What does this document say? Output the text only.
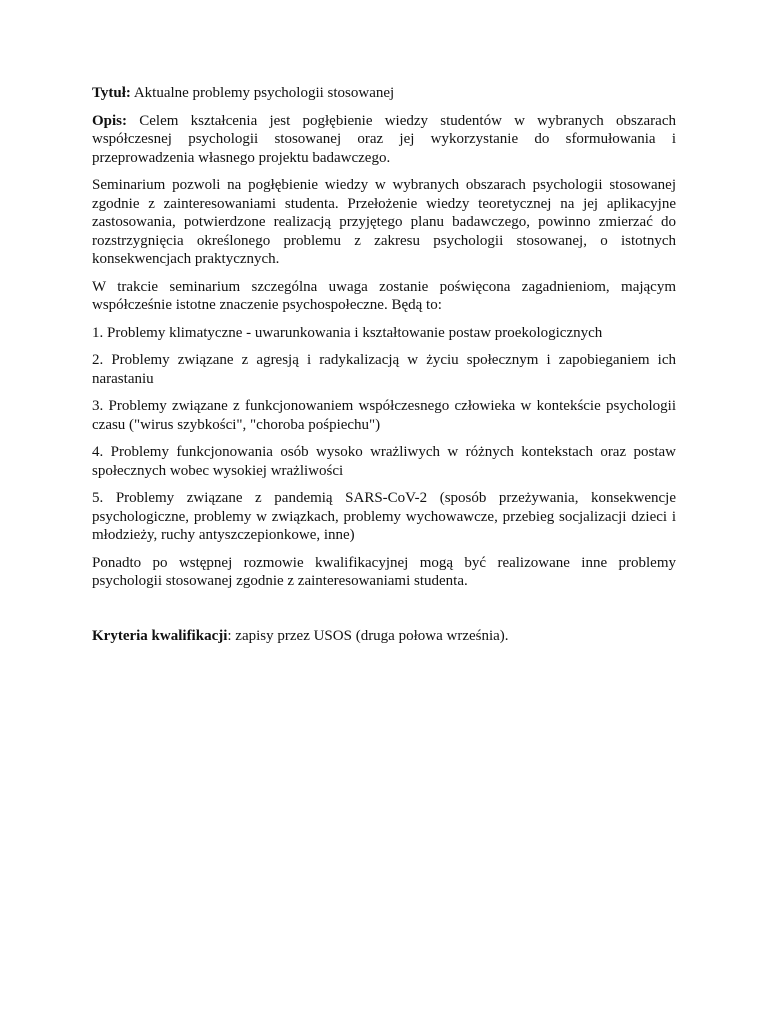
Tytuł: Aktualne problemy psychologii stosowanej

Opis: Celem kształcenia jest pogłębienie wiedzy studentów w wybranych obszarach współczesnej psychologii stosowanej oraz jej wykorzystanie do sformułowania i przeprowadzenia własnego projektu badawczego.

Seminarium pozwoli na pogłębienie wiedzy w wybranych obszarach psychologii stosowanej zgodnie z zainteresowaniami studenta. Przełożenie wiedzy teoretycznej na jej aplikacyjne zastosowania, potwierdzone realizacją przyjętego planu badawczego, powinno zmierzać do rozstrzygnięcia określonego problemu z zakresu psychologii stosowanej, o istotnych konsekwencjach praktycznych.

W trakcie seminarium szczególna uwaga zostanie poświęcona zagadnieniom, mającym współcześnie istotne znaczenie psychospołeczne. Będą to:

1. Problemy klimatyczne - uwarunkowania i kształtowanie postaw proekologicznych

2. Problemy związane z agresją i radykalizacją w życiu społecznym i zapobieganiem ich narastaniu

3. Problemy związane z funkcjonowaniem współczesnego człowieka w kontekście psychologii czasu ("wirus szybkości", "choroba pośpiechu")

4. Problemy funkcjonowania osób wysoko wrażliwych w różnych kontekstach oraz postaw społecznych wobec wysokiej wrażliwości

5. Problemy związane z pandemią SARS-CoV-2 (sposób przeżywania, konsekwencje psychologiczne, problemy w związkach, problemy wychowawcze, przebieg socjalizacji dzieci i młodzieży, ruchy antyszczepionkowe, inne)

Ponadto po wstępnej rozmowie kwalifikacyjnej mogą być realizowane inne problemy psychologii stosowanej zgodnie z zainteresowaniami studenta.

Kryteria kwalifikacji: zapisy przez USOS (druga połowa września).
